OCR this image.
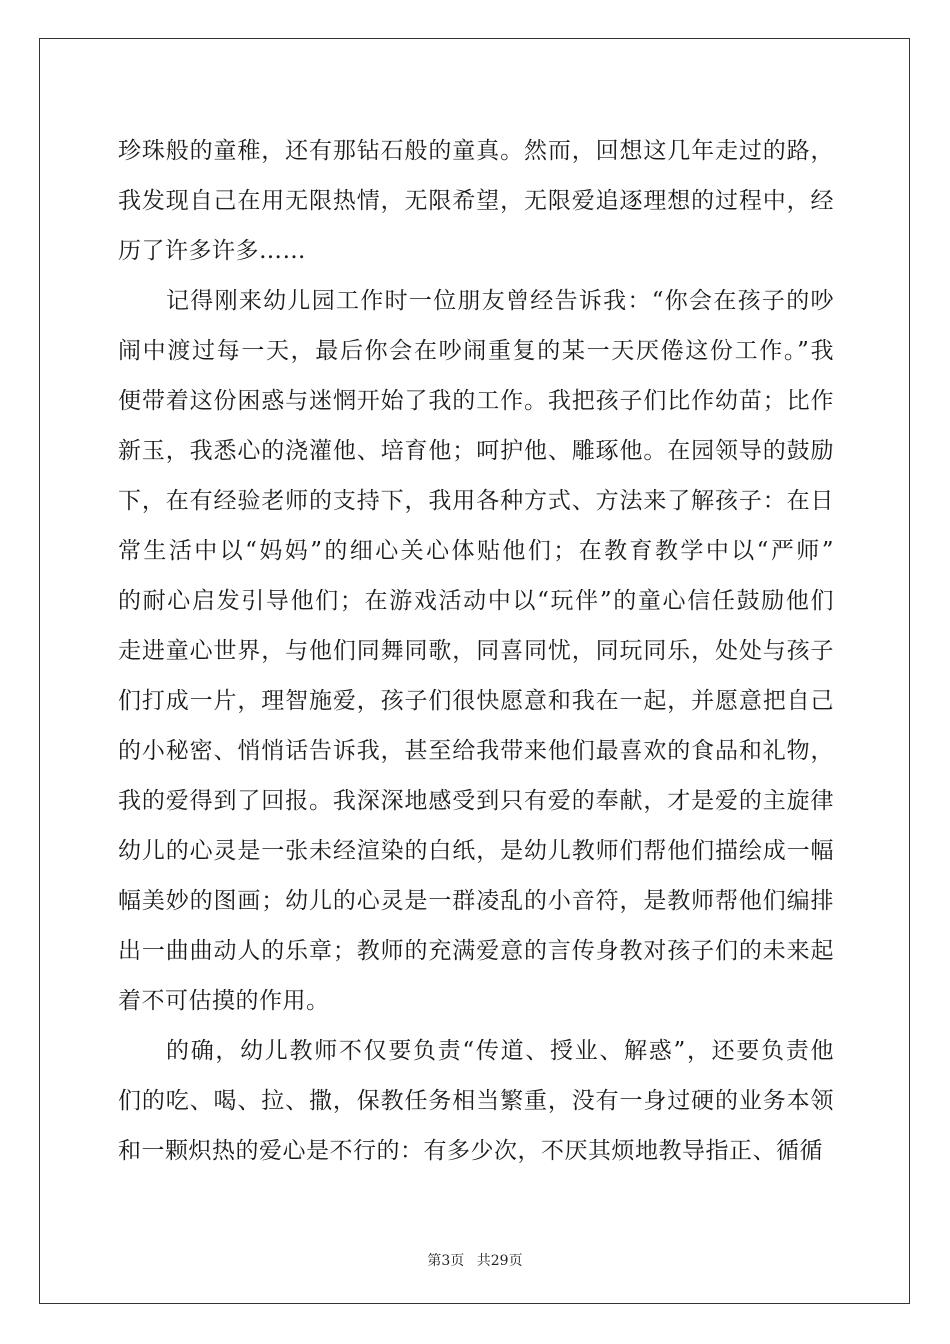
珍珠般的童稚，还有那钻石般的童真。然而，回想这几年走过的路，
我发现自己在用无限热情，无限希望，无限爱追逐理想的过程中，经
历了许多许多……
记得刚来幼儿园工作时一位朋友曾经告诉我：“你会在孩子的吵
闹中渡过每一天，最后你会在吵闹重复的某一天厌倦这份工作。”我
便带着这份困惑与迷惘开始了我的工作。我把孩子们比作幼苗；比作
新玉，我悉心的浇灌他、培育他；呵护他、雕琢他。在园领导的鼓励
下，在有经验老师的支持下，我用各种方式、方法来了解孩子：在日
常生活中以“妈妈”的细心关心体贴他们；在教育教学中以“严师”
的耐心启发引导他们；在游戏活动中以“玩伴”的童心信任鼓励他们
走进童心世界，与他们同舞同歌，同喜同忧，同玩同乐，处处与孩子
们打成一片，理智施爱，孩子们很快愿意和我在一起，并愿意把自己
的小秘密、悄悄话告诉我，甚至给我带来他们最喜欢的食品和礼物，
我的爱得到了回报。我深深地感受到只有爱的奉献，才是爱的主旋律
幼儿的心灵是一张未经渲染的白纸，是幼儿教师们帮他们描绘成一幅
幅美妙的图画；幼儿的心灵是一群凌乱的小音符，是教师帮他们编排
出一曲曲动人的乐章；教师的充满爱意的言传身教对孩子们的未来起
着不可估摸的作用。
的确，幼儿教师不仅要负责“传道、授业、解惑”，还要负责他
们的吃、喝、拉、撒，保教任务相当繁重，没有一身过硬的业务本领
和一颗炽热的爱心是不行的：有多少次，不厌其烦地教导指正、循循
第3页 共29页
